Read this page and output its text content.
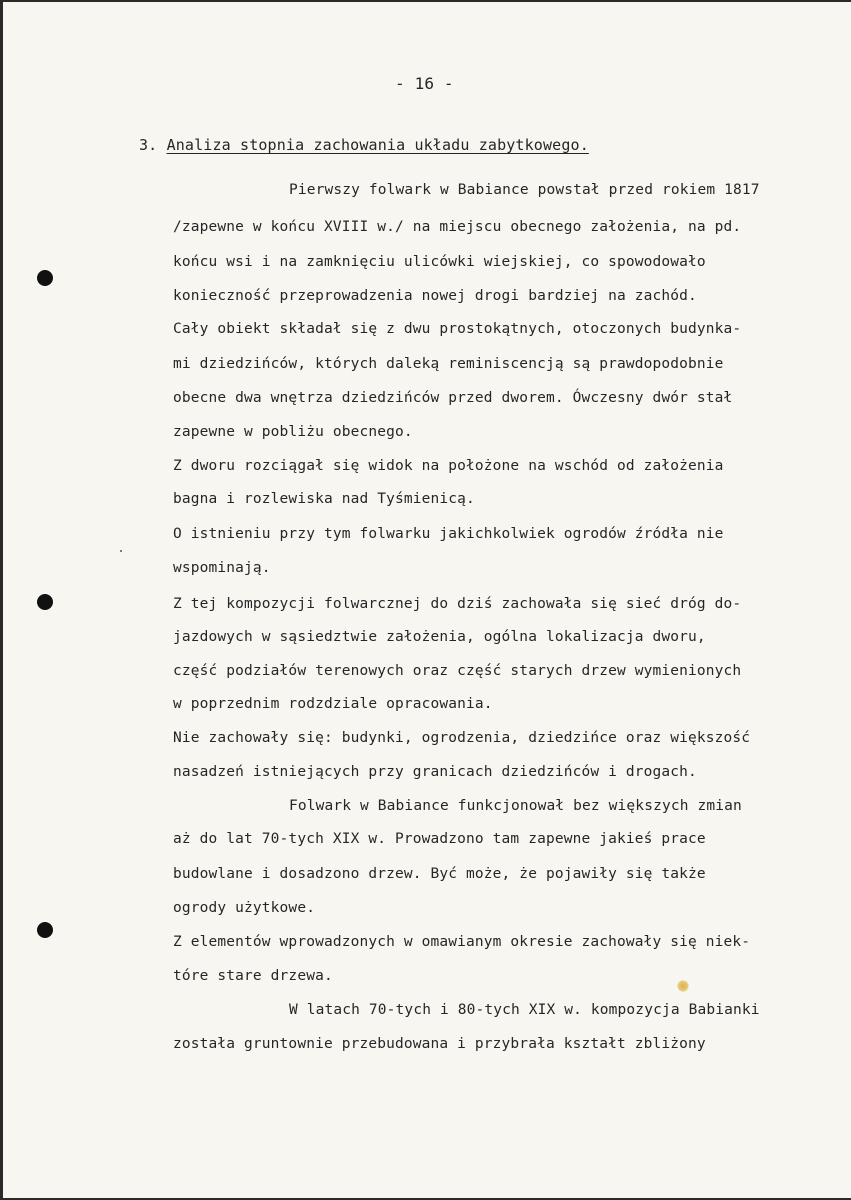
- 16 -
3. Analiza stopnia zachowania układu zabytkowego.
Pierwszy folwark w Babiance powstał przed rokiem 1817
/zapewne w końcu XVIII w./ na miejscu obecnego założenia, na pd.
końcu wsi i na zamknięciu ulicówki wiejskiej, co spowodowało
konieczność przeprowadzenia nowej drogi bardziej na zachód.
Cały obiekt składał się z dwu prostokątnych, otoczonych budynka-
mi dziedzińców, których daleką reminiscencją są prawdopodobnie
obecne dwa wnętrza dziedzińców przed dworem. Ówczesny dwór stał
zapewne w pobliżu obecnego.
Z dworu rozciągał się widok na położone na wschód od założenia
bagna i rozlewiska nad Tyśmienicą.
O istnieniu przy tym folwarku jakichkolwiek ogrodów źródła nie
wspominają.
Z tej kompozycji folwarcznej do dziś zachowała się sieć dróg do-
jazdowych w sąsiedztwie założenia, ogólna lokalizacja dworu,
część podziałów terenowych oraz część starych drzew wymienionych
w poprzednim rodzdziale opracowania.
Nie zachowały się: budynki, ogrodzenia, dziedzińce oraz większość
nasadzeń istniejących przy granicach dziedzińców i drogach.
Folwark w Babiance funkcjonował bez większych zmian
aż do lat 70-tych XIX w. Prowadzono tam zapewne jakieś prace
budowlane i dosadzono drzew. Być może, że pojawiły się także
ogrody użytkowe.
Z elementów wprowadzonych w omawianym okresie zachowały się niek-
tóre stare drzewa.
W latach 70-tych i 80-tych XIX w. kompozycja Babianki
została gruntownie przebudowana i przybrała kształt zbliżony
